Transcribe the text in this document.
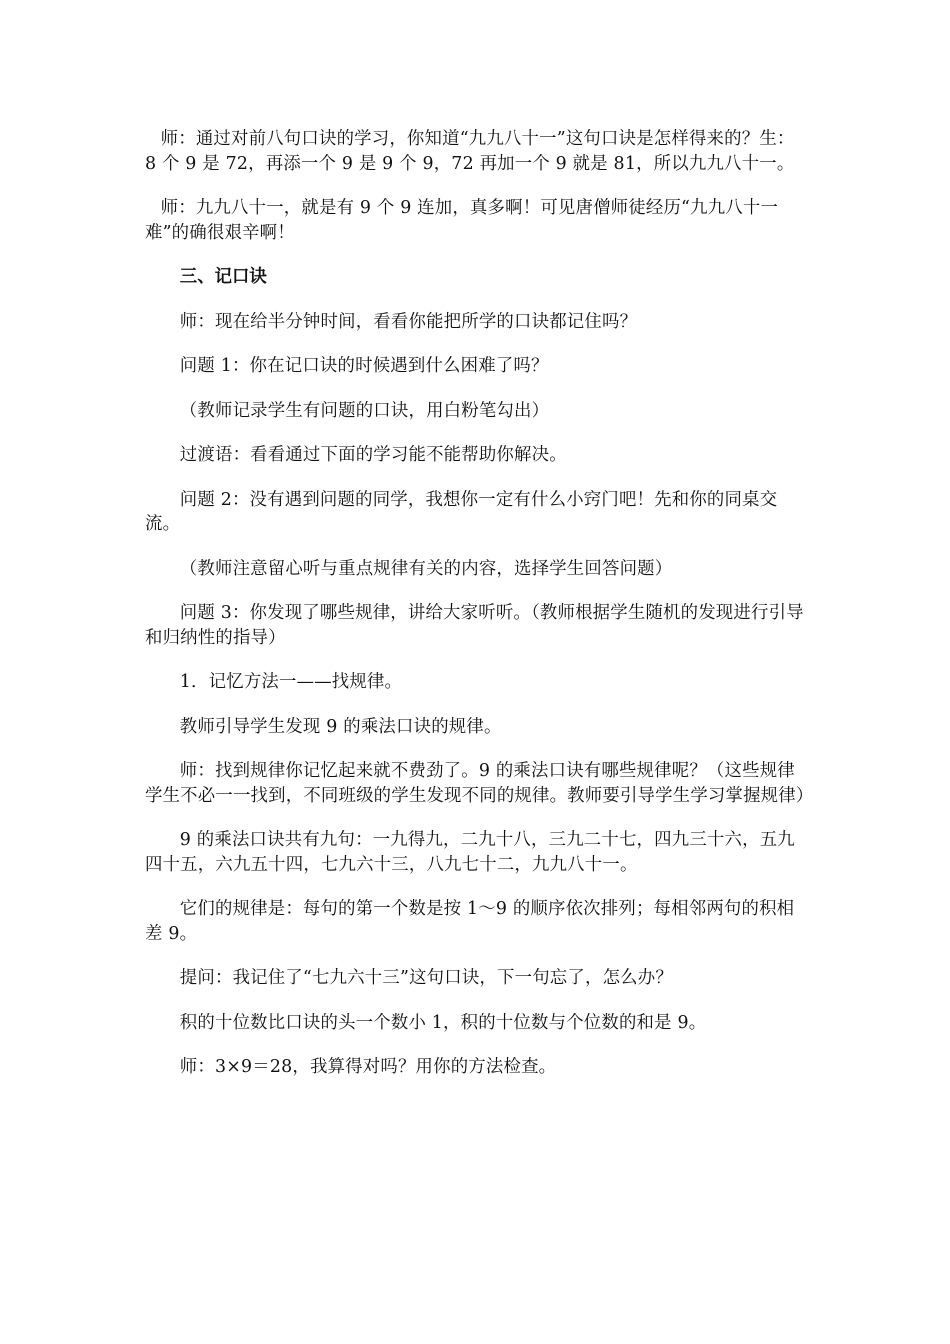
师：通过对前八句口诀的学习，你知道“九九八十一”这句口诀是怎样得来的？生：8 个 9 是 72，再添一个 9 是 9 个 9，72 再加一个 9 就是 81，所以九九八十一。

师：九九八十一，就是有 9 个 9 连加，真多啊！可见唐僧师徒经历“九九八十一难”的确很艰辛啊！

三、记口诀

师：现在给半分钟时间，看看你能把所学的口诀都记住吗？

问题 1：你在记口诀的时候遇到什么困难了吗？

（教师记录学生有问题的口诀，用白粉笔勾出）

过渡语：看看通过下面的学习能不能帮助你解决。

问题 2：没有遇到问题的同学，我想你一定有什么小窍门吧！先和你的同桌交流。

（教师注意留心听与重点规律有关的内容，选择学生回答问题）

问题 3：你发现了哪些规律，讲给大家听听。（教师根据学生随机的发现进行引导和归纳性的指导）

1．记忆方法一——找规律。

教师引导学生发现 9 的乘法口诀的规律。

师：找到规律你记忆起来就不费劲了。9 的乘法口诀有哪些规律呢？（这些规律学生不必一一找到，不同班级的学生发现不同的规律。教师要引导学生学习掌握规律）

9 的乘法口诀共有九句：一九得九，二九十八，三九二十七，四九三十六，五九四十五，六九五十四，七九六十三，八九七十二，九九八十一。

它们的规律是：每句的第一个数是按 1～9 的顺序依次排列；每相邻两句的积相差 9。

提问：我记住了“七九六十三”这句口诀，下一句忘了，怎么办？

积的十位数比口诀的头一个数小 1，积的十位数与个位数的和是 9。

师：3×9＝28，我算得对吗？用你的方法检查。
